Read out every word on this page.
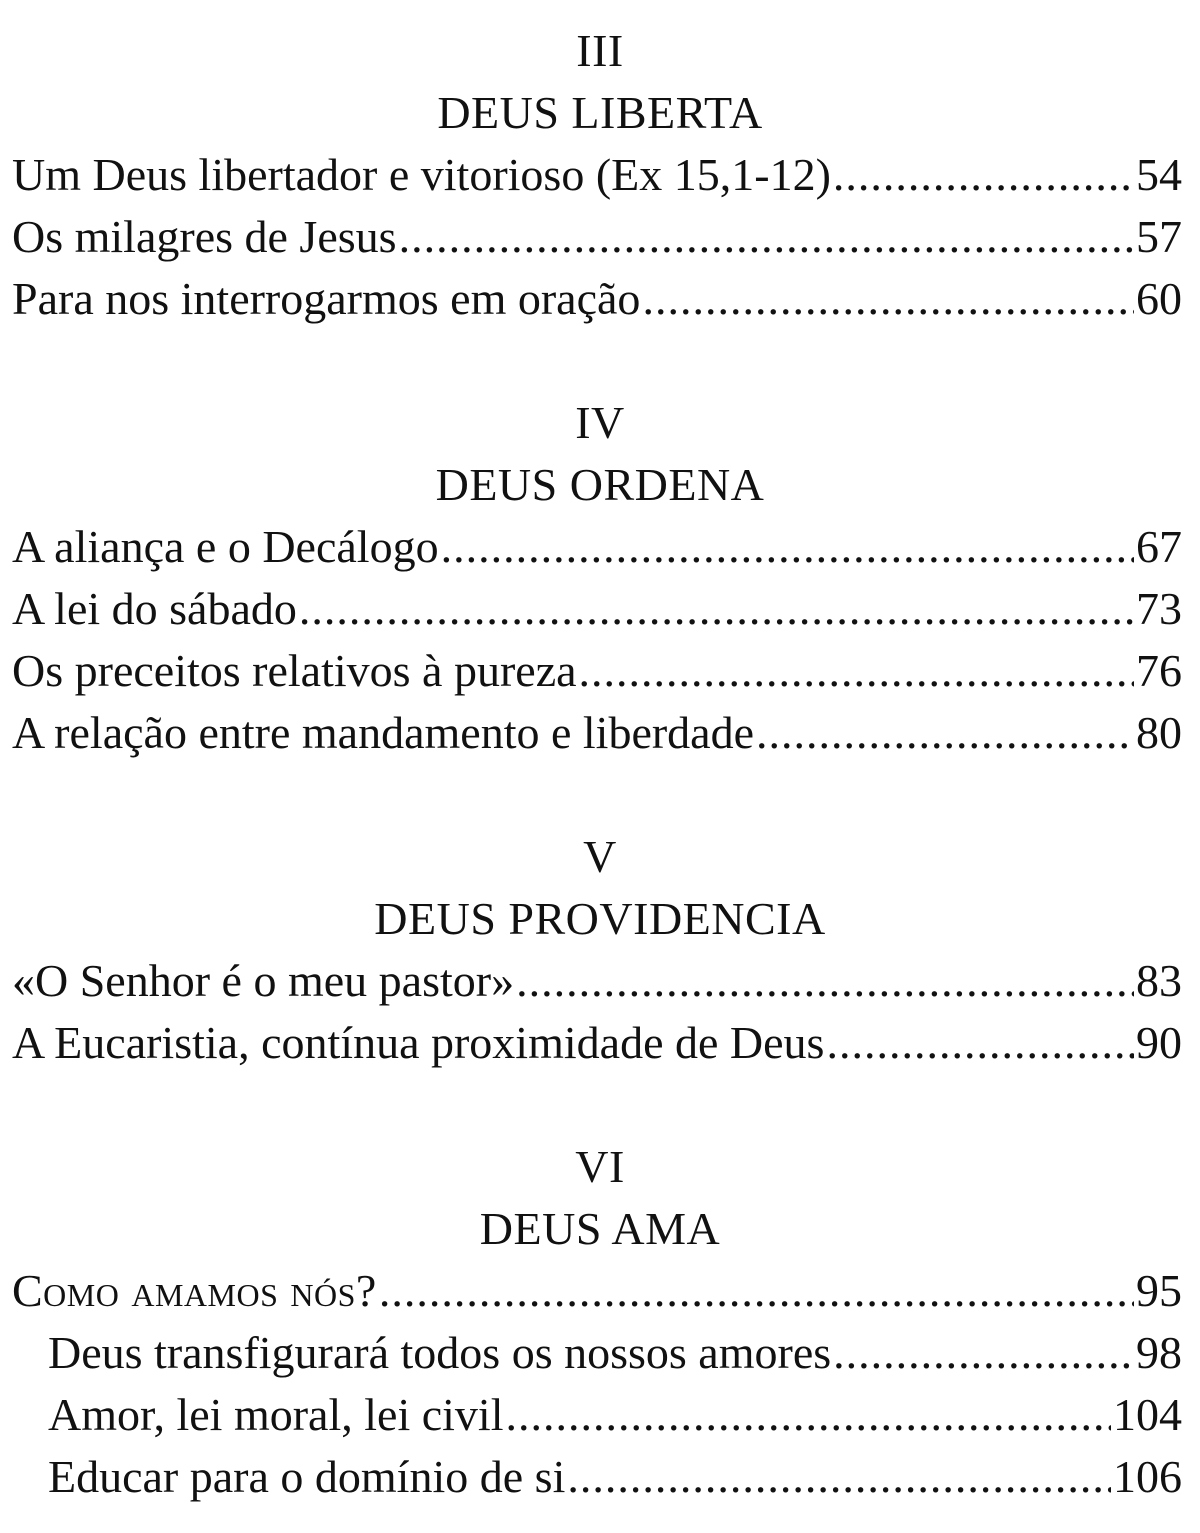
III
DEUS LIBERTA
Um Deus libertador e vitorioso (Ex 15,1-12) .....	54
Os milagres de Jesus .....	57
Para nos interrogarmos em oração .....	60
IV
DEUS ORDENA
A aliança e o Decálogo .....	67
A lei do sábado .....	73
Os preceitos relativos à pureza .....	76
A relação entre mandamento e liberdade .....	80
V
DEUS PROVIDENCIA
«O Senhor é o meu pastor» .....	83
A Eucaristia, contínua proximidade de Deus .....	90
VI
DEUS AMA
Como amamos nós? .....	95
Deus transfigurará todos os nossos amores .....	98
Amor, lei moral, lei civil .....	104
Educar para o domínio de si .....	106
